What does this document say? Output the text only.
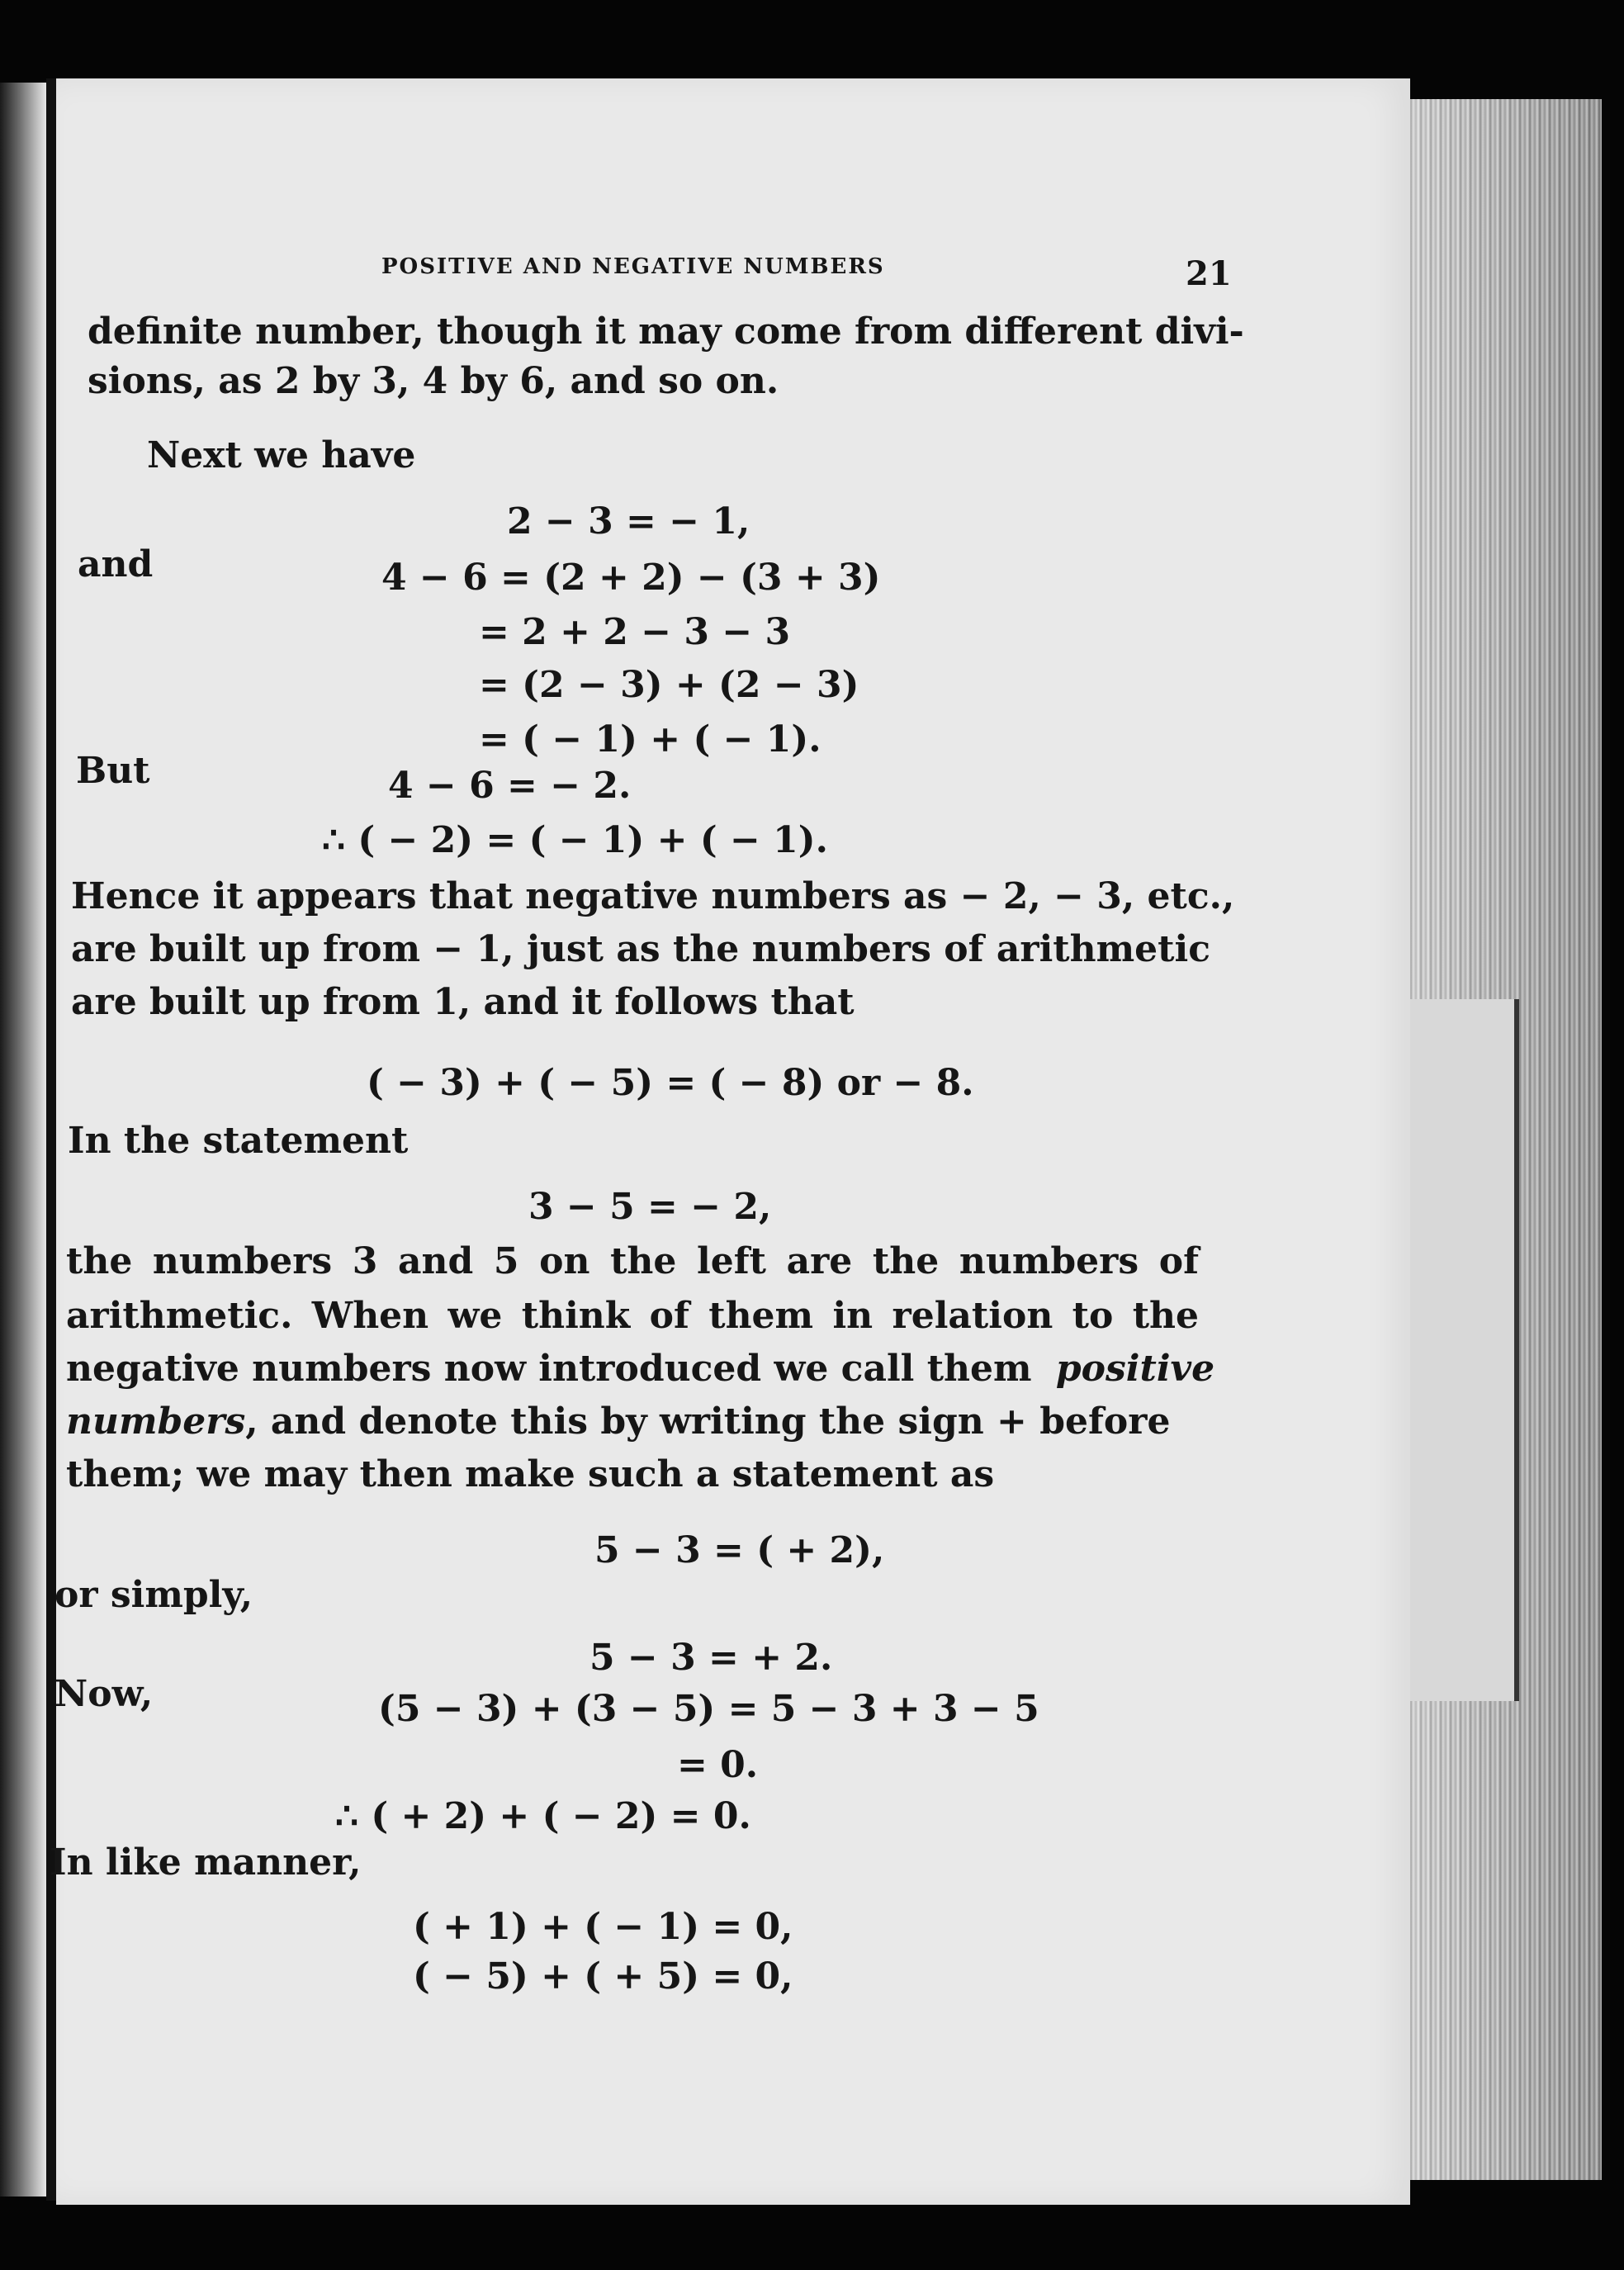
POSITIVE AND NEGATIVE NUMBERS	21
definite number, though it may come from different divi-
sions, as 2 by 3, 4 by 6, and so on.
Next we have
2 − 3 = − 1,
and	4 − 6 = (2 + 2) − (3 + 3)
= 2 + 2 − 3 − 3
= (2 − 3) + (2 − 3)
= ( − 1) + ( − 1).
But	4 − 6 = − 2.
∴ ( − 2) = ( − 1) + ( − 1).
Hence it appears that negative numbers as − 2, − 3, etc.,
are built up from − 1, just as the numbers of arithmetic
are built up from 1, and it follows that
( − 3) + ( − 5) = ( − 8) or − 8.
In the statement
3 − 5 = − 2,
the numbers 3 and 5 on the left are the numbers of
arithmetic. When we think of them in relation to the
negative numbers now introduced we call them positive
numbers, and denote this by writing the sign + before
them; we may then make such a statement as
5 − 3 = ( + 2),
or simply,
5 − 3 = + 2.
Now,	(5 − 3) + (3 − 5) = 5 − 3 + 3 − 5
= 0.
∴ ( + 2) + ( − 2) = 0.
In like manner,
( + 1) + ( − 1) = 0,
( − 5) + ( + 5) = 0,
